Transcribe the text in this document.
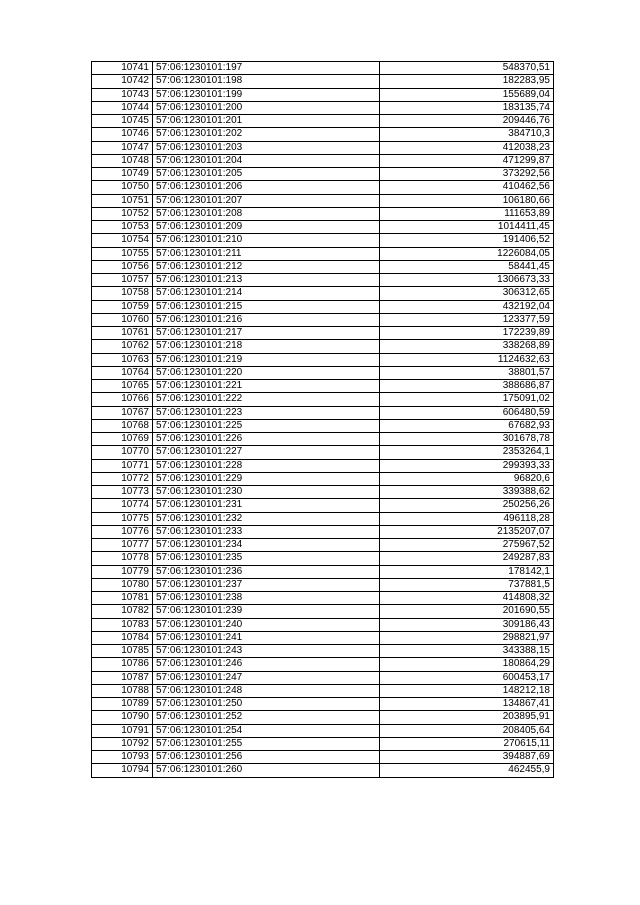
10741	57:06:1230101:197	548370,51
10742	57:06:1230101:198	182283,95
10743	57:06:1230101:199	155689,04
10744	57:06:1230101:200	183135,74
10745	57:06:1230101:201	209446,76
10746	57:06:1230101:202	384710,3
10747	57:06:1230101:203	412038,23
10748	57:06:1230101:204	471299,87
10749	57:06:1230101:205	373292,56
10750	57:06:1230101:206	410462,56
10751	57:06:1230101:207	106180,66
10752	57:06:1230101:208	111653,89
10753	57:06:1230101:209	1014411,45
10754	57:06:1230101:210	191406,52
10755	57:06:1230101:211	1226084,05
10756	57:06:1230101:212	58441,45
10757	57:06:1230101:213	1306673,33
10758	57:06:1230101:214	306312,65
10759	57:06:1230101:215	432192,04
10760	57:06:1230101:216	123377,59
10761	57:06:1230101:217	172239,89
10762	57:06:1230101:218	338268,89
10763	57:06:1230101:219	1124632,63
10764	57:06:1230101:220	38801,57
10765	57:06:1230101:221	388686,87
10766	57:06:1230101:222	175091,02
10767	57:06:1230101:223	606480,59
10768	57:06:1230101:225	67682,93
10769	57:06:1230101:226	301678,78
10770	57:06:1230101:227	2353264,1
10771	57:06:1230101:228	299393,33
10772	57:06:1230101:229	96820,6
10773	57:06:1230101:230	339388,62
10774	57:06:1230101:231	250256,26
10775	57:06:1230101:232	496118,28
10776	57:06:1230101:233	2135207,07
10777	57:06:1230101:234	275967,52
10778	57:06:1230101:235	249287,83
10779	57:06:1230101:236	178142,1
10780	57:06:1230101:237	737881,5
10781	57:06:1230101:238	414808,32
10782	57:06:1230101:239	201690,55
10783	57:06:1230101:240	309186,43
10784	57:06:1230101:241	298821,97
10785	57:06:1230101:243	343388,15
10786	57:06:1230101:246	180864,29
10787	57:06:1230101:247	600453,17
10788	57:06:1230101:248	148212,18
10789	57:06:1230101:250	134867,41
10790	57:06:1230101:252	203895,91
10791	57:06:1230101:254	208405,64
10792	57:06:1230101:255	270615,11
10793	57:06:1230101:256	394887,69
10794	57:06:1230101:260	462455,9
